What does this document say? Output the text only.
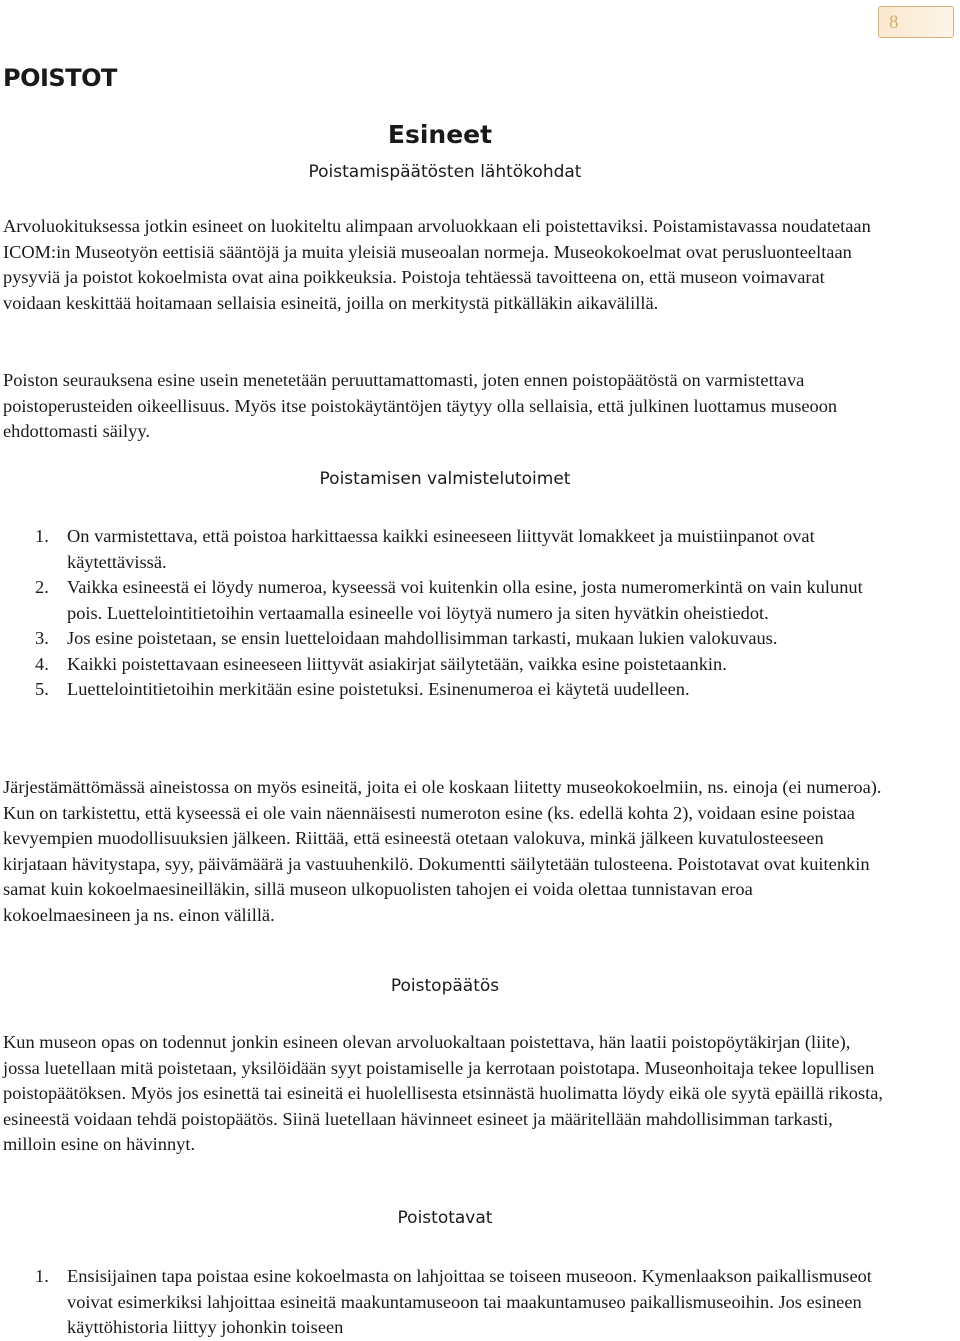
8
POISTOT
Esineet
Poistamispäätösten lähtökohdat

Arvoluokituksessa jotkin esineet on luokiteltu alimpaan arvoluokkaan eli poistettaviksi. Poistamistavassa noudatetaan ICOM:in Museotyön eettisiä sääntöjä ja muita yleisiä museoalan normeja. Museokokoelmat ovat perusluonteeltaan pysyviä ja poistot kokoelmista ovat aina poikkeuksia. Poistoja tehtäessä tavoitteena on, että museon voimavarat voidaan keskittää hoitamaan sellaisia esineitä, joilla on merkitystä pitkälläkin aikavälillä.

Poiston seurauksena esine usein menetetään peruuttamattomasti, joten ennen poistopäätöstä on varmistettava poistoperusteiden oikeellisuus. Myös itse poistokäytäntöjen täytyy olla sellaisia, että julkinen luottamus museoon ehdottomasti säilyy.

Poistamisen valmistelutoimet
1. On varmistettava, että poistoa harkittaessa kaikki esineeseen liittyvät lomakkeet ja muistiinpanot ovat käytettävissä.
2. Vaikka esineestä ei löydy numeroa, kyseessä voi kuitenkin olla esine, josta numeromerkintä on vain kulunut pois. Luettelointitietoihin vertaamalla esineelle voi löytyä numero ja siten hyvätkin oheistiedot.
3. Jos esine poistetaan, se ensin luetteloidaan mahdollisimman tarkasti, mukaan lukien valokuvaus.
4. Kaikki poistettavaan esineeseen liittyvät asiakirjat säilytetään, vaikka esine poistetaankin.
5. Luettelointitietoihin merkitään esine poistetuksi. Esinenumeroa ei käytetä uudelleen.

Järjestämättömässä aineistossa on myös esineitä, joita ei ole koskaan liitetty museokokoelmiin, ns. einoja (ei numeroa). Kun on tarkistettu, että kyseessä ei ole vain näennäisesti numeroton esine (ks. edellä kohta 2), voidaan esine poistaa kevyempien muodollisuuksien jälkeen. Riittää, että esineestä otetaan valokuva, minkä jälkeen kuvatulosteeseen kirjataan hävitystapa, syy, päivämäärä ja vastuuhenkilö. Dokumentti säilytetään tulosteena. Poistotavat ovat kuitenkin samat kuin kokoelmaesineilläkin, sillä museon ulkopuolisten tahojen ei voida olettaa tunnistavan eroa kokoelmaesineen ja ns. einon välillä.

Poistopäätös

Kun museon opas on todennut jonkin esineen olevan arvoluokaltaan poistettava, hän laatii poistopöytäkirjan (liite), jossa luetellaan mitä poistetaan, yksilöidään syyt poistamiselle ja kerrotaan poistotapa. Museonhoitaja tekee lopullisen poistopäätöksen. Myös jos esinettä tai esineitä ei huolellisesta etsinnästä huolimatta löydy eikä ole syytä epäillä rikosta, esineestä voidaan tehdä poistopäätös. Siinä luetellaan hävinneet esineet ja määritellään mahdollisimman tarkasti, milloin esine on hävinnyt.

Poistotavat
1. Ensisijainen tapa poistaa esine kokoelmasta on lahjoittaa se toiseen museoon. Kymenlaakson paikallismuseot voivat esimerkiksi lahjoittaa esineitä maakuntamuseoon tai maakuntamuseo paikallismuseoihin. Jos esineen käyttöhistoria liittyy johonkin toiseen
